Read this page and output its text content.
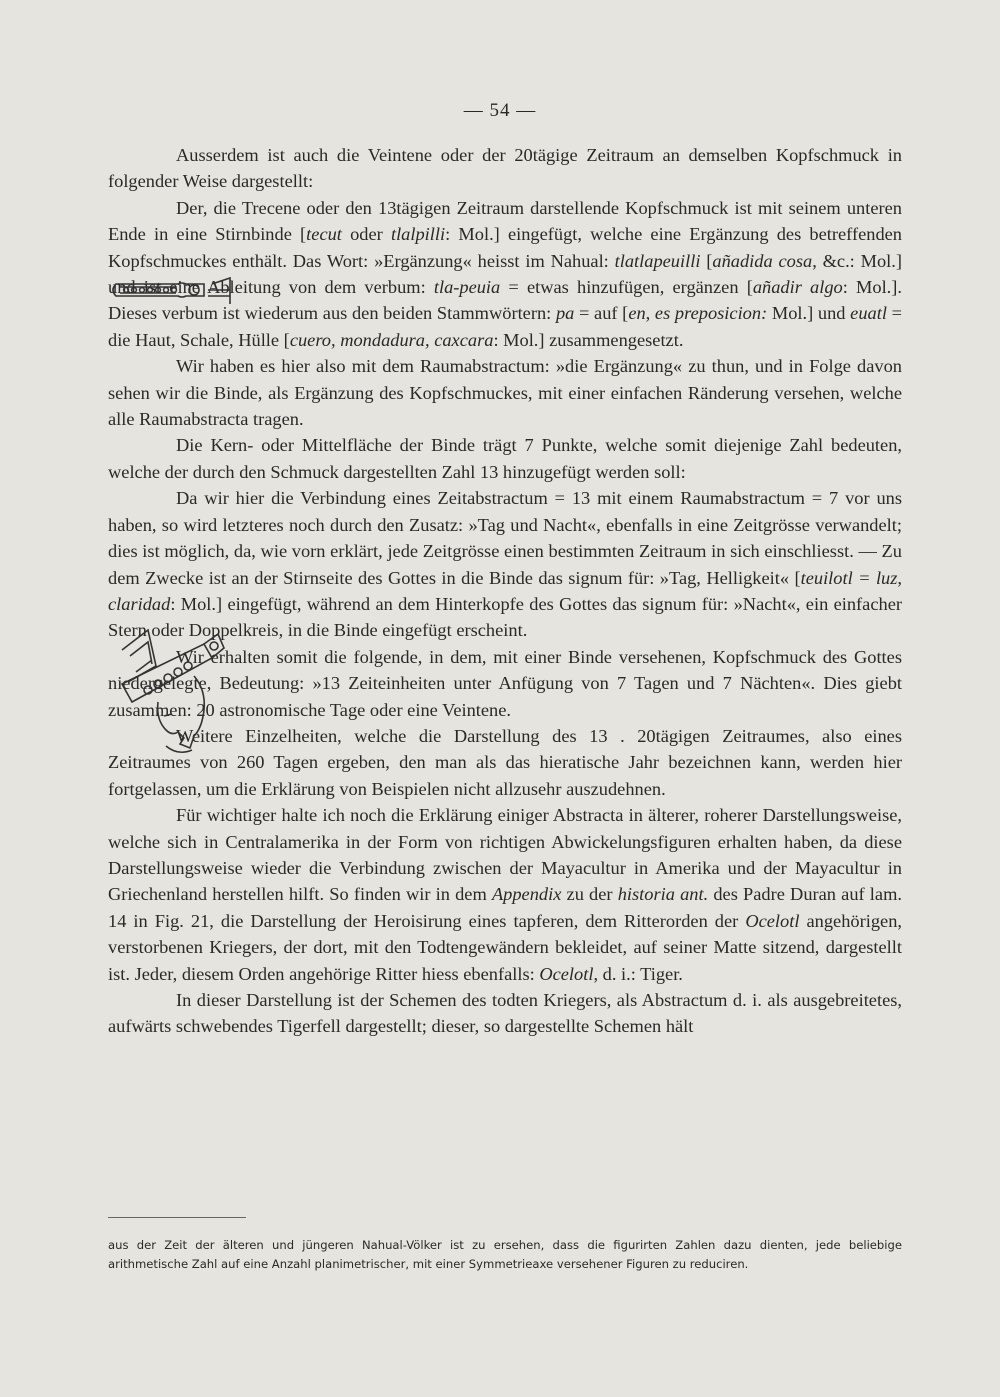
— 54 —

Ausserdem ist auch die Veintene oder der 20tägige Zeitraum an demselben Kopfschmuck in folgender Weise dargestellt:

Der, die Trecene oder den 13tägigen Zeitraum darstellende Kopfschmuck ist mit seinem unteren Ende in eine Stirnbinde [tecut oder tlalpilli: Mol.] eingefügt, welche eine Ergänzung des betreffenden Kopfschmuckes enthält. Das Wort: »Ergänzung« heisst im Nahual: tlatlapeuilli [añadida cosa, &c.: Mol.] und ist eine Ableitung von dem verbum: tla-peuia = etwas hinzufügen, ergänzen [añadir algo: Mol.]. Dieses verbum ist wiederum aus den beiden Stammwörtern: pa = auf [en, es preposicion: Mol.] und euatl = die Haut, Schale, Hülle [cuero, mondadura, caxcara: Mol.] zusammengesetzt.

Wir haben es hier also mit dem Raumabstractum: »die Ergänzung« zu thun, und in Folge davon sehen wir die Binde, als Ergänzung des Kopfschmuckes, mit einer einfachen Ränderung versehen, welche alle Raumabstracta tragen.

Die Kern- oder Mittelfläche der Binde trägt 7 Punkte, welche somit diejenige Zahl bedeuten, welche der durch den Schmuck dargestellten Zahl 13 hinzugefügt werden soll:

Da wir hier die Verbindung eines Zeitabstractum = 13 mit einem Raumabstractum = 7 vor uns haben, so wird letzteres noch durch den Zusatz: »Tag und Nacht«, ebenfalls in eine Zeitgrösse verwandelt; dies ist möglich, da, wie vorn erklärt, jede Zeitgrösse einen bestimmten Zeitraum in sich einschliesst. — Zu dem Zwecke ist an der Stirnseite des Gottes in die Binde das signum für: »Tag, Helligkeit« [teuilotl = luz, claridad: Mol.] eingefügt, während an dem Hinterkopfe des Gottes das signum für: »Nacht«, ein einfacher Stern oder Doppelkreis, in die Binde eingefügt erscheint.

Wir erhalten somit die folgende, in dem, mit einer Binde versehenen, Kopfschmuck des Gottes niedergelegte, Bedeutung: »13 Zeiteinheiten unter Anfügung von 7 Tagen und 7 Nächten«. Dies giebt zusammen: 20 astronomische Tage oder eine Veintene.

Weitere Einzelheiten, welche die Darstellung des 13 . 20tägigen Zeitraumes, also eines Zeitraumes von 260 Tagen ergeben, den man als das hieratische Jahr bezeichnen kann, werden hier fortgelassen, um die Erklärung von Beispielen nicht allzusehr auszudehnen.

Für wichtiger halte ich noch die Erklärung einiger Abstracta in älterer, roherer Darstellungsweise, welche sich in Centralamerika in der Form von richtigen Abwickelungsfiguren erhalten haben, da diese Darstellungsweise wieder die Verbindung zwischen der Mayacultur in Amerika und der Mayacultur in Griechenland herstellen hilft. So finden wir in dem Appendix zu der historia ant. des Padre Duran auf lam. 14 in Fig. 21, die Darstellung der Heroisirung eines tapferen, dem Ritterorden der Ocelotl angehörigen, verstorbenen Kriegers, der dort, mit den Todtengewändern bekleidet, auf seiner Matte sitzend, dargestellt ist. Jeder, diesem Orden angehörige Ritter hiess ebenfalls: Ocelotl, d. i.: Tiger.

In dieser Darstellung ist der Schemen des todten Kriegers, als Abstractum d. i. als ausgebreitetes, aufwärts schwebendes Tigerfell dargestellt; dieser, so dargestellte Schemen hält

aus der Zeit der älteren und jüngeren Nahual-Völker ist zu ersehen, dass die figurirten Zahlen dazu dienten, jede beliebige arithmetische Zahl auf eine Anzahl planimetrischer, mit einer Symmetrieaxe versehener Figuren zu reduciren.
